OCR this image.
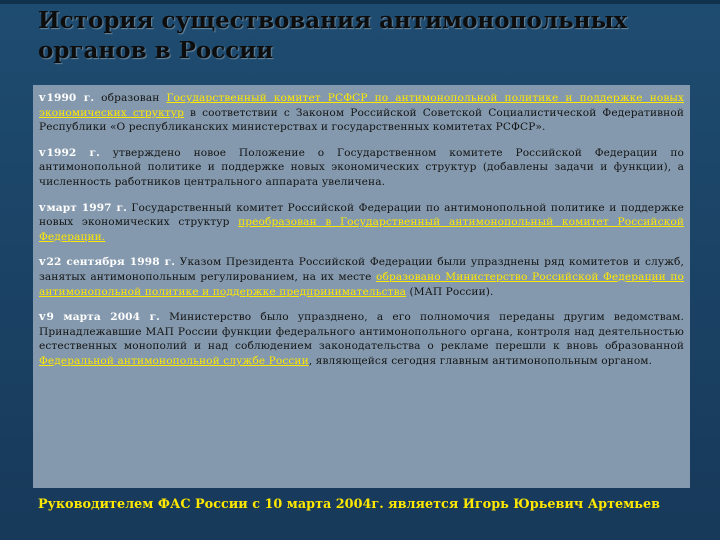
История существования антимонопольных органов в России

v1990 г. образован Государственный комитет РСФСР по антимонопольной политике и поддержке новых экономических структур в соответствии с Законом Российской Советской Социалистической Федеративной Республики «О республиканских министерствах и государственных комитетах РСФСР».

v1992 г. утверждено новое Положение о Государственном комитете Российской Федерации по антимонопольной политике и поддержке новых экономических структур (добавлены задачи и функции), а численность работников центрального аппарата увеличена.

vмарт 1997 г. Государственный комитет Российской Федерации по антимонопольной политике и поддержке новых экономических структур преобразован в Государственный антимонопольный комитет Российской Федерации.

v22 сентября 1998 г. Указом Президента Российской Федерации были упразднены ряд комитетов и служб, занятых антимонопольным регулированием, на их месте образовано Министерство Российской Федерации по антимонопольной политике и поддержке предпринимательства (МАП России).

v9 марта 2004 г. Министерство было упразднено, а его полномочия переданы другим ведомствам. Принадлежавшие МАП России функции федерального антимонопольного органа, контроля над деятельностью естественных монополий и над соблюдением законодательства о рекламе перешли к вновь образованной Федеральной антимонопольной службе России, являющейся сегодня главным антимонопольным органом.

Руководителем ФАС России с 10 марта 2004г. является Игорь Юрьевич Артемьев
